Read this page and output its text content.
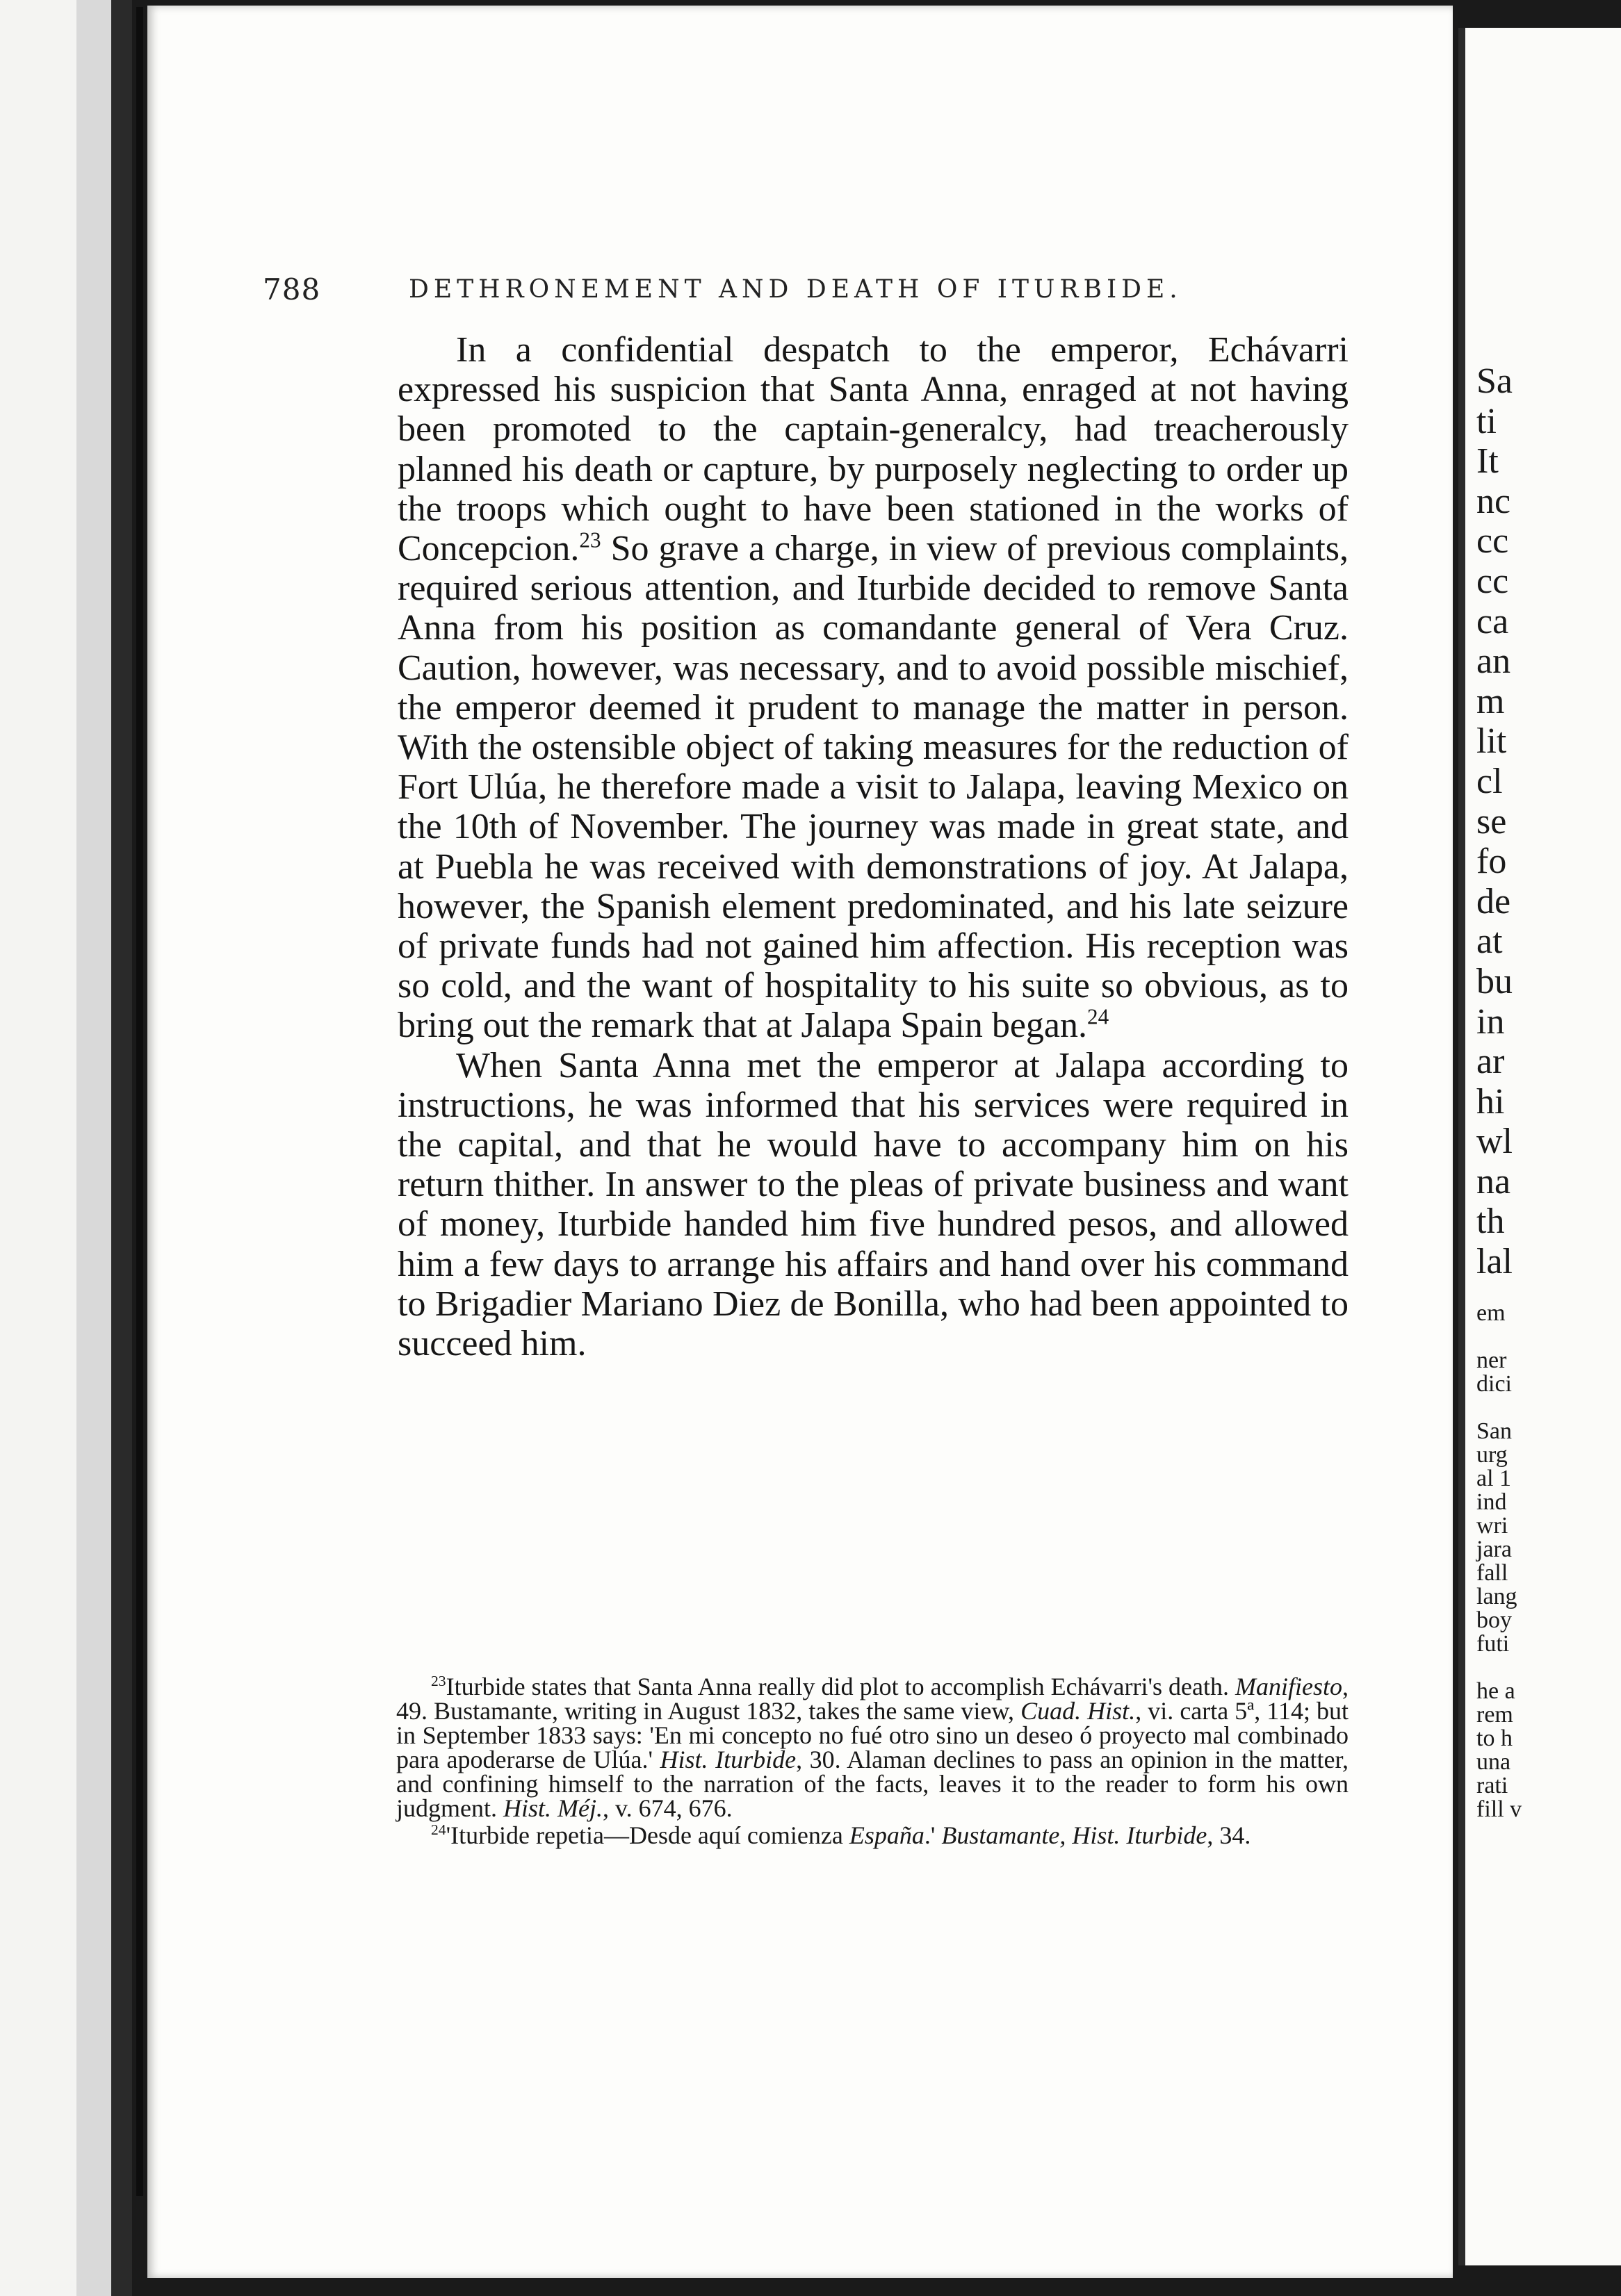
788	DETHRONEMENT AND DEATH OF ITURBIDE.

In a confidential despatch to the emperor, Echávarri expressed his suspicion that Santa Anna, enraged at not having been promoted to the captain-generalcy, had treacherously planned his death or capture, by purposely neglecting to order up the troops which ought to have been stationed in the works of Concepcion.$^{23}$ So grave a charge, in view of previous complaints, required serious attention, and Iturbide decided to remove Santa Anna from his position as comandante general of Vera Cruz. Caution, however, was necessary, and to avoid possible mischief, the emperor deemed it prudent to manage the matter in person. With the ostensible object of taking measures for the reduction of Fort Ulúa, he therefore made a visit to Jalapa, leaving Mexico on the 10th of November. The journey was made in great state, and at Puebla he was received with demonstrations of joy. At Jalapa, however, the Spanish element predominated, and his late seizure of private funds had not gained him affection. His reception was so cold, and the want of hospitality to his suite so obvious, as to bring out the remark that at Jalapa Spain began.$^{24}$

When Santa Anna met the emperor at Jalapa according to instructions, he was informed that his services were required in the capital, and that he would have to accompany him on his return thither. In answer to the pleas of private business and want of money, Iturbide handed him five hundred pesos, and allowed him a few days to arrange his affairs and hand over his command to Brigadier Mariano Diez de Bonilla, who had been appointed to succeed him.

$^{23}$Iturbide states that Santa Anna really did plot to accomplish Echávarri's death. Manifiesto, 49. Bustamante, writing in August 1832, takes the same view, Cuad. Hist., vi. carta 5ª, 114; but in September 1833 says: 'En mi concepto no fué otro sino un deseo ó proyecto mal combinado para apoderarse de Ulúa.' Hist. Iturbide, 30. Alaman declines to pass an opinion in the matter, and confining himself to the narration of the facts, leaves it to the reader to form his own judgment. Hist. Méj., v. 674, 676.

$^{24}$'Iturbide repetia—Desde aquí comienza España.' Bustamante, Hist. Iturbide, 34.

Sa
ti
It
nc
cc
cc
ca
an
m
lit
cl
se
fo
de
at
bu
in
ar
hi
wl
na
th
lal
em

ner
dici

San
urg
al 1
ind
wri
jara
fall
lang
boy
futi

he a
rem
to h
una
rati
fill v
